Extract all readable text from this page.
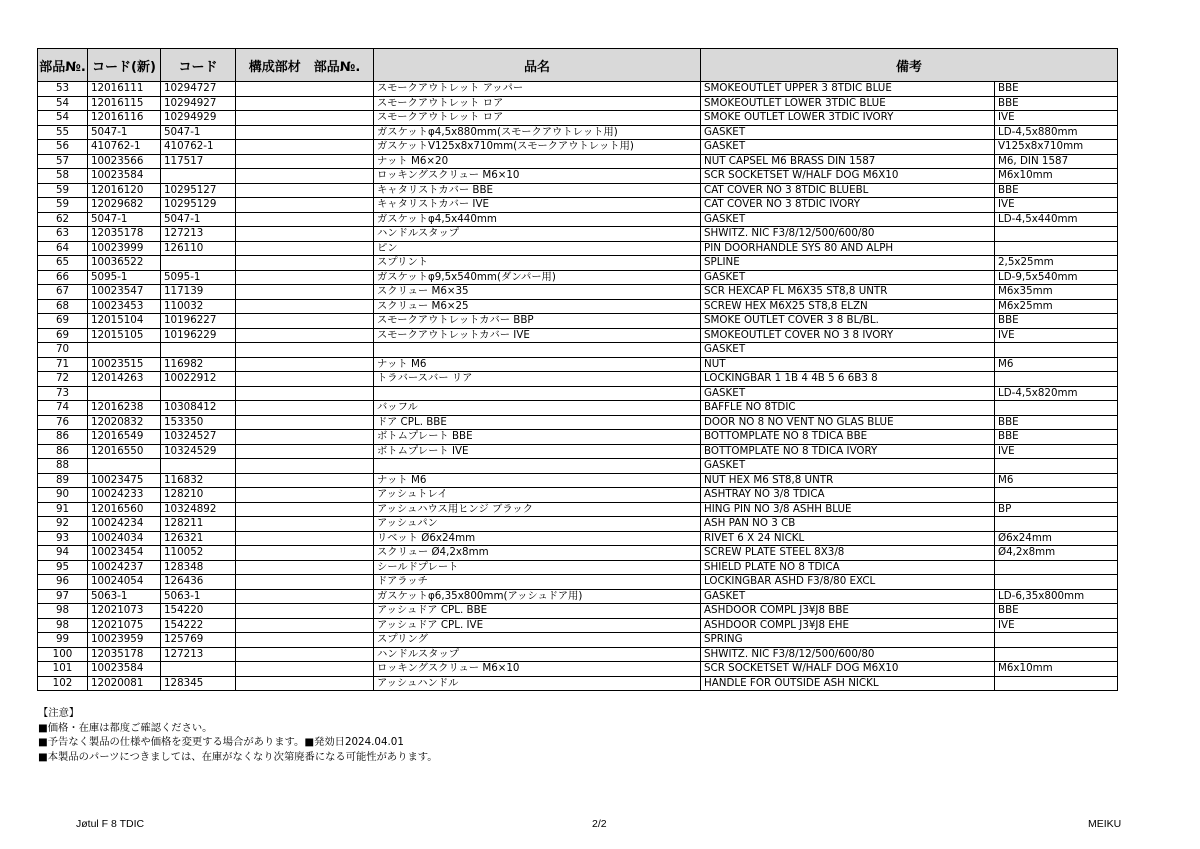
部品№.	コード(新)	コード	構成部材　部品№.	品名	備考	
53	12016111	10294727		スモークアウトレット アッパー	SMOKEOUTLET UPPER 3 8TDIC BLUE	BBE
54	12016115	10294927		スモークアウトレット ロア	SMOKEOUTLET LOWER 3TDIC BLUE	BBE
54	12016116	10294929		スモークアウトレット ロア	SMOKE OUTLET LOWER 3TDIC IVORY	IVE
55	5047-1	5047-1		ガスケットφ4,5x880mm(スモークアウトレット用)	GASKET	LD-4,5x880mm
56	410762-1	410762-1		ガスケットV125x8x710mm(スモークアウトレット用)	GASKET	V125x8x710mm
57	10023566	117517		ナット M6×20	NUT CAPSEL M6 BRASS DIN 1587	M6, DIN 1587
58	10023584			ロッキングスクリュー M6×10	SCR SOCKETSET W/HALF DOG M6X10	M6x10mm
59	12016120	10295127		キャタリストカバー BBE	CAT COVER NO 3 8TDIC BLUEBL	BBE
59	12029682	10295129		キャタリストカバー IVE	CAT COVER NO 3 8TDIC IVORY	IVE
62	5047-1	5047-1		ガスケットφ4,5x440mm	GASKET	LD-4,5x440mm
63	12035178	127213		ハンドルスタップ	SHWITZ. NIC F3/8/12/500/600/80	
64	10023999	126110		ピン	PIN DOORHANDLE SYS 80 AND ALPH	
65	10036522			スプリント	SPLINE	2,5x25mm
66	5095-1	5095-1		ガスケットφ9,5x540mm(ダンパー用)	GASKET	LD-9,5x540mm
67	10023547	117139		スクリュー M6×35	SCR HEXCAP FL M6X35 ST8,8 UNTR	M6x35mm
68	10023453	110032		スクリュー M6×25	SCREW HEX M6X25 ST8,8 ELZN	M6x25mm
69	12015104	10196227		スモークアウトレットカバー BBP	SMOKE OUTLET COVER 3 8 BL/BL.	BBE
69	12015105	10196229		スモークアウトレットカバー IVE	SMOKEOUTLET COVER NO 3 8 IVORY	IVE
70					GASKET	
71	10023515	116982		ナット M6	NUT	M6
72	12014263	10022912		トラバースバー リア	LOCKINGBAR 1 1B 4 4B 5 6 6B3 8	
73					GASKET	LD-4,5x820mm
74	12016238	10308412		バッフル	BAFFLE NO 8TDIC	
76	12020832	153350		ドア CPL. BBE	DOOR NO 8 NO VENT NO GLAS BLUE	BBE
86	12016549	10324527		ボトムプレート BBE	BOTTOMPLATE NO 8 TDICA BBE	BBE
86	12016550	10324529		ボトムプレート IVE	BOTTOMPLATE NO 8 TDICA IVORY	IVE
88					GASKET	
89	10023475	116832		ナット M6	NUT HEX M6 ST8,8 UNTR	M6
90	10024233	128210		アッシュトレイ	ASHTRAY NO 3/8 TDICA	
91	12016560	10324892		アッシュハウス用ヒンジ ブラック	HING PIN NO 3/8 ASHH BLUE	BP
92	10024234	128211		アッシュパン	ASH PAN NO 3 CB	
93	10024034	126321		リベット Ø6x24mm	RIVET 6 X 24 NICKL	Ø6x24mm
94	10023454	110052		スクリュー Ø4,2x8mm	SCREW PLATE STEEL 8X3/8	Ø4,2x8mm
95	10024237	128348		シールドプレート	SHIELD PLATE NO 8 TDICA	
96	10024054	126436		ドアラッチ	LOCKINGBAR ASHD F3/8/80 EXCL	
97	5063-1	5063-1		ガスケットφ6,35x800mm(アッシュドア用)	GASKET	LD-6,35x800mm
98	12021073	154220		アッシュドア CPL. BBE	ASHDOOR COMPL J3¥J8 BBE	BBE
98	12021075	154222		アッシュドア CPL. IVE	ASHDOOR COMPL J3¥J8 EHE	IVE
99	10023959	125769		スプリング	SPRING	
100	12035178	127213		ハンドルスタップ	SHWITZ. NIC F3/8/12/500/600/80	
101	10023584			ロッキングスクリュー M6×10	SCR SOCKETSET W/HALF DOG M6X10	M6x10mm
102	12020081	128345		アッシュハンドル	HANDLE FOR OUTSIDE ASH NICKL	
【注意】
■価格・在庫は都度ご確認ください。
■予告なく製品の仕様や価格を変更する場合があります。■発効日2024.04.01
■本製品のパーツにつきましては、在庫がなくなり次第廃番になる可能性があります。
Jøtul F 8 TDIC	2/2	MEIKU
